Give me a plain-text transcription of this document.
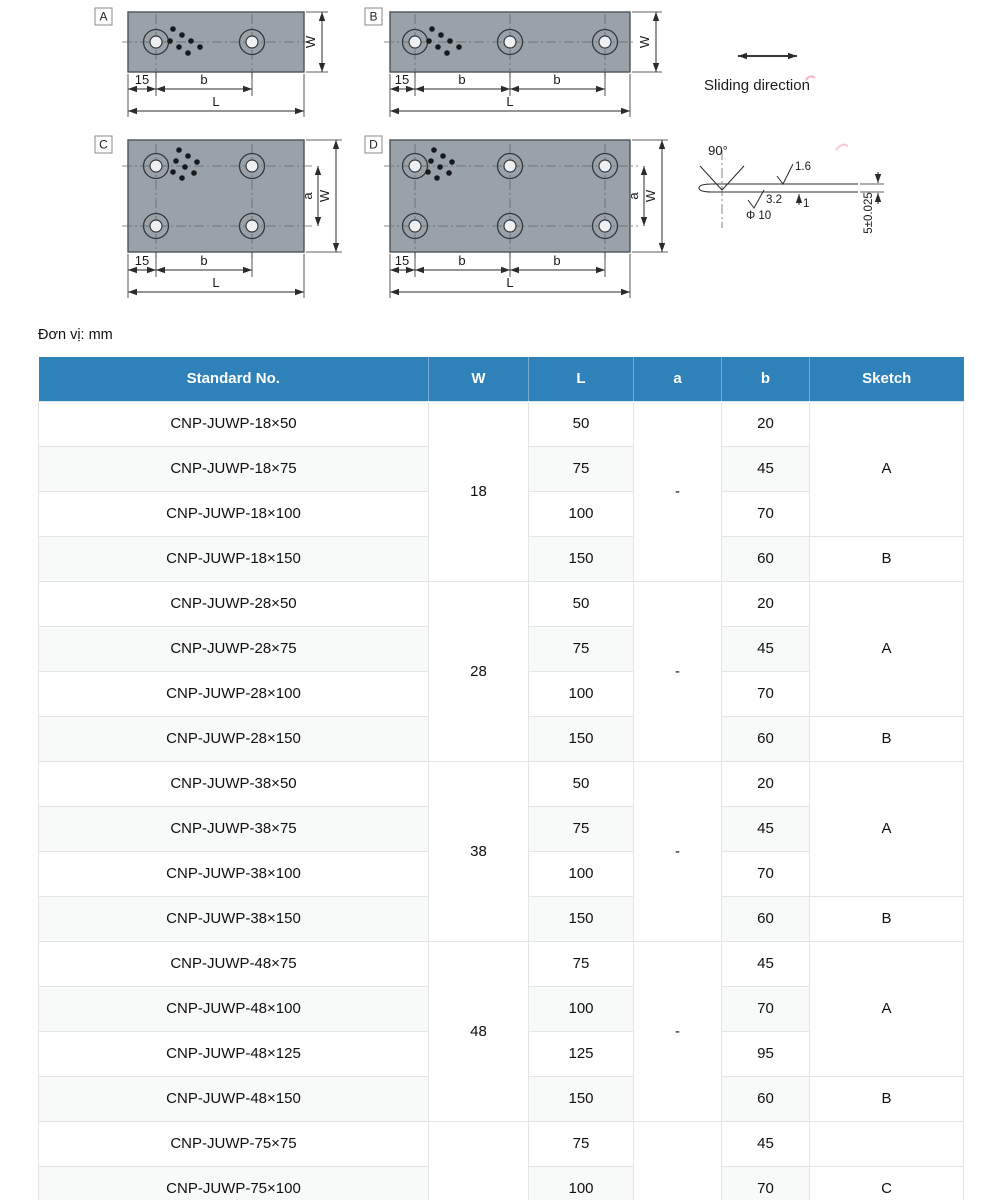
A
W
15	b
L
B
W
15	b	b
L
C
a W
15	b
L
D
a W
15	b	b
L
Sliding direction
90°
1.6
3.2 1
Φ 10	5±0.025
Đơn vị: mm
Standard No.	W	L	a	b	Sketch
CNP-JUWP-18×50	18	50	-	20	A
CNP-JUWP-18×75		75		45	
CNP-JUWP-18×100		100		70	
CNP-JUWP-18×150		150		60	B
CNP-JUWP-28×50	28	50	-	20	A
CNP-JUWP-28×75		75		45	
CNP-JUWP-28×100		100		70	
CNP-JUWP-28×150		150		60	B
CNP-JUWP-38×50	38	50	-	20	A
CNP-JUWP-38×75		75		45	
CNP-JUWP-38×100		100		70	
CNP-JUWP-38×150		150		60	B
CNP-JUWP-48×75	48	75	-	45	A
CNP-JUWP-48×100		100		70	
CNP-JUWP-48×125		125		95	
CNP-JUWP-48×150		150		60	B
CNP-JUWP-75×75		75		45	
CNP-JUWP-75×100		100		70	C
